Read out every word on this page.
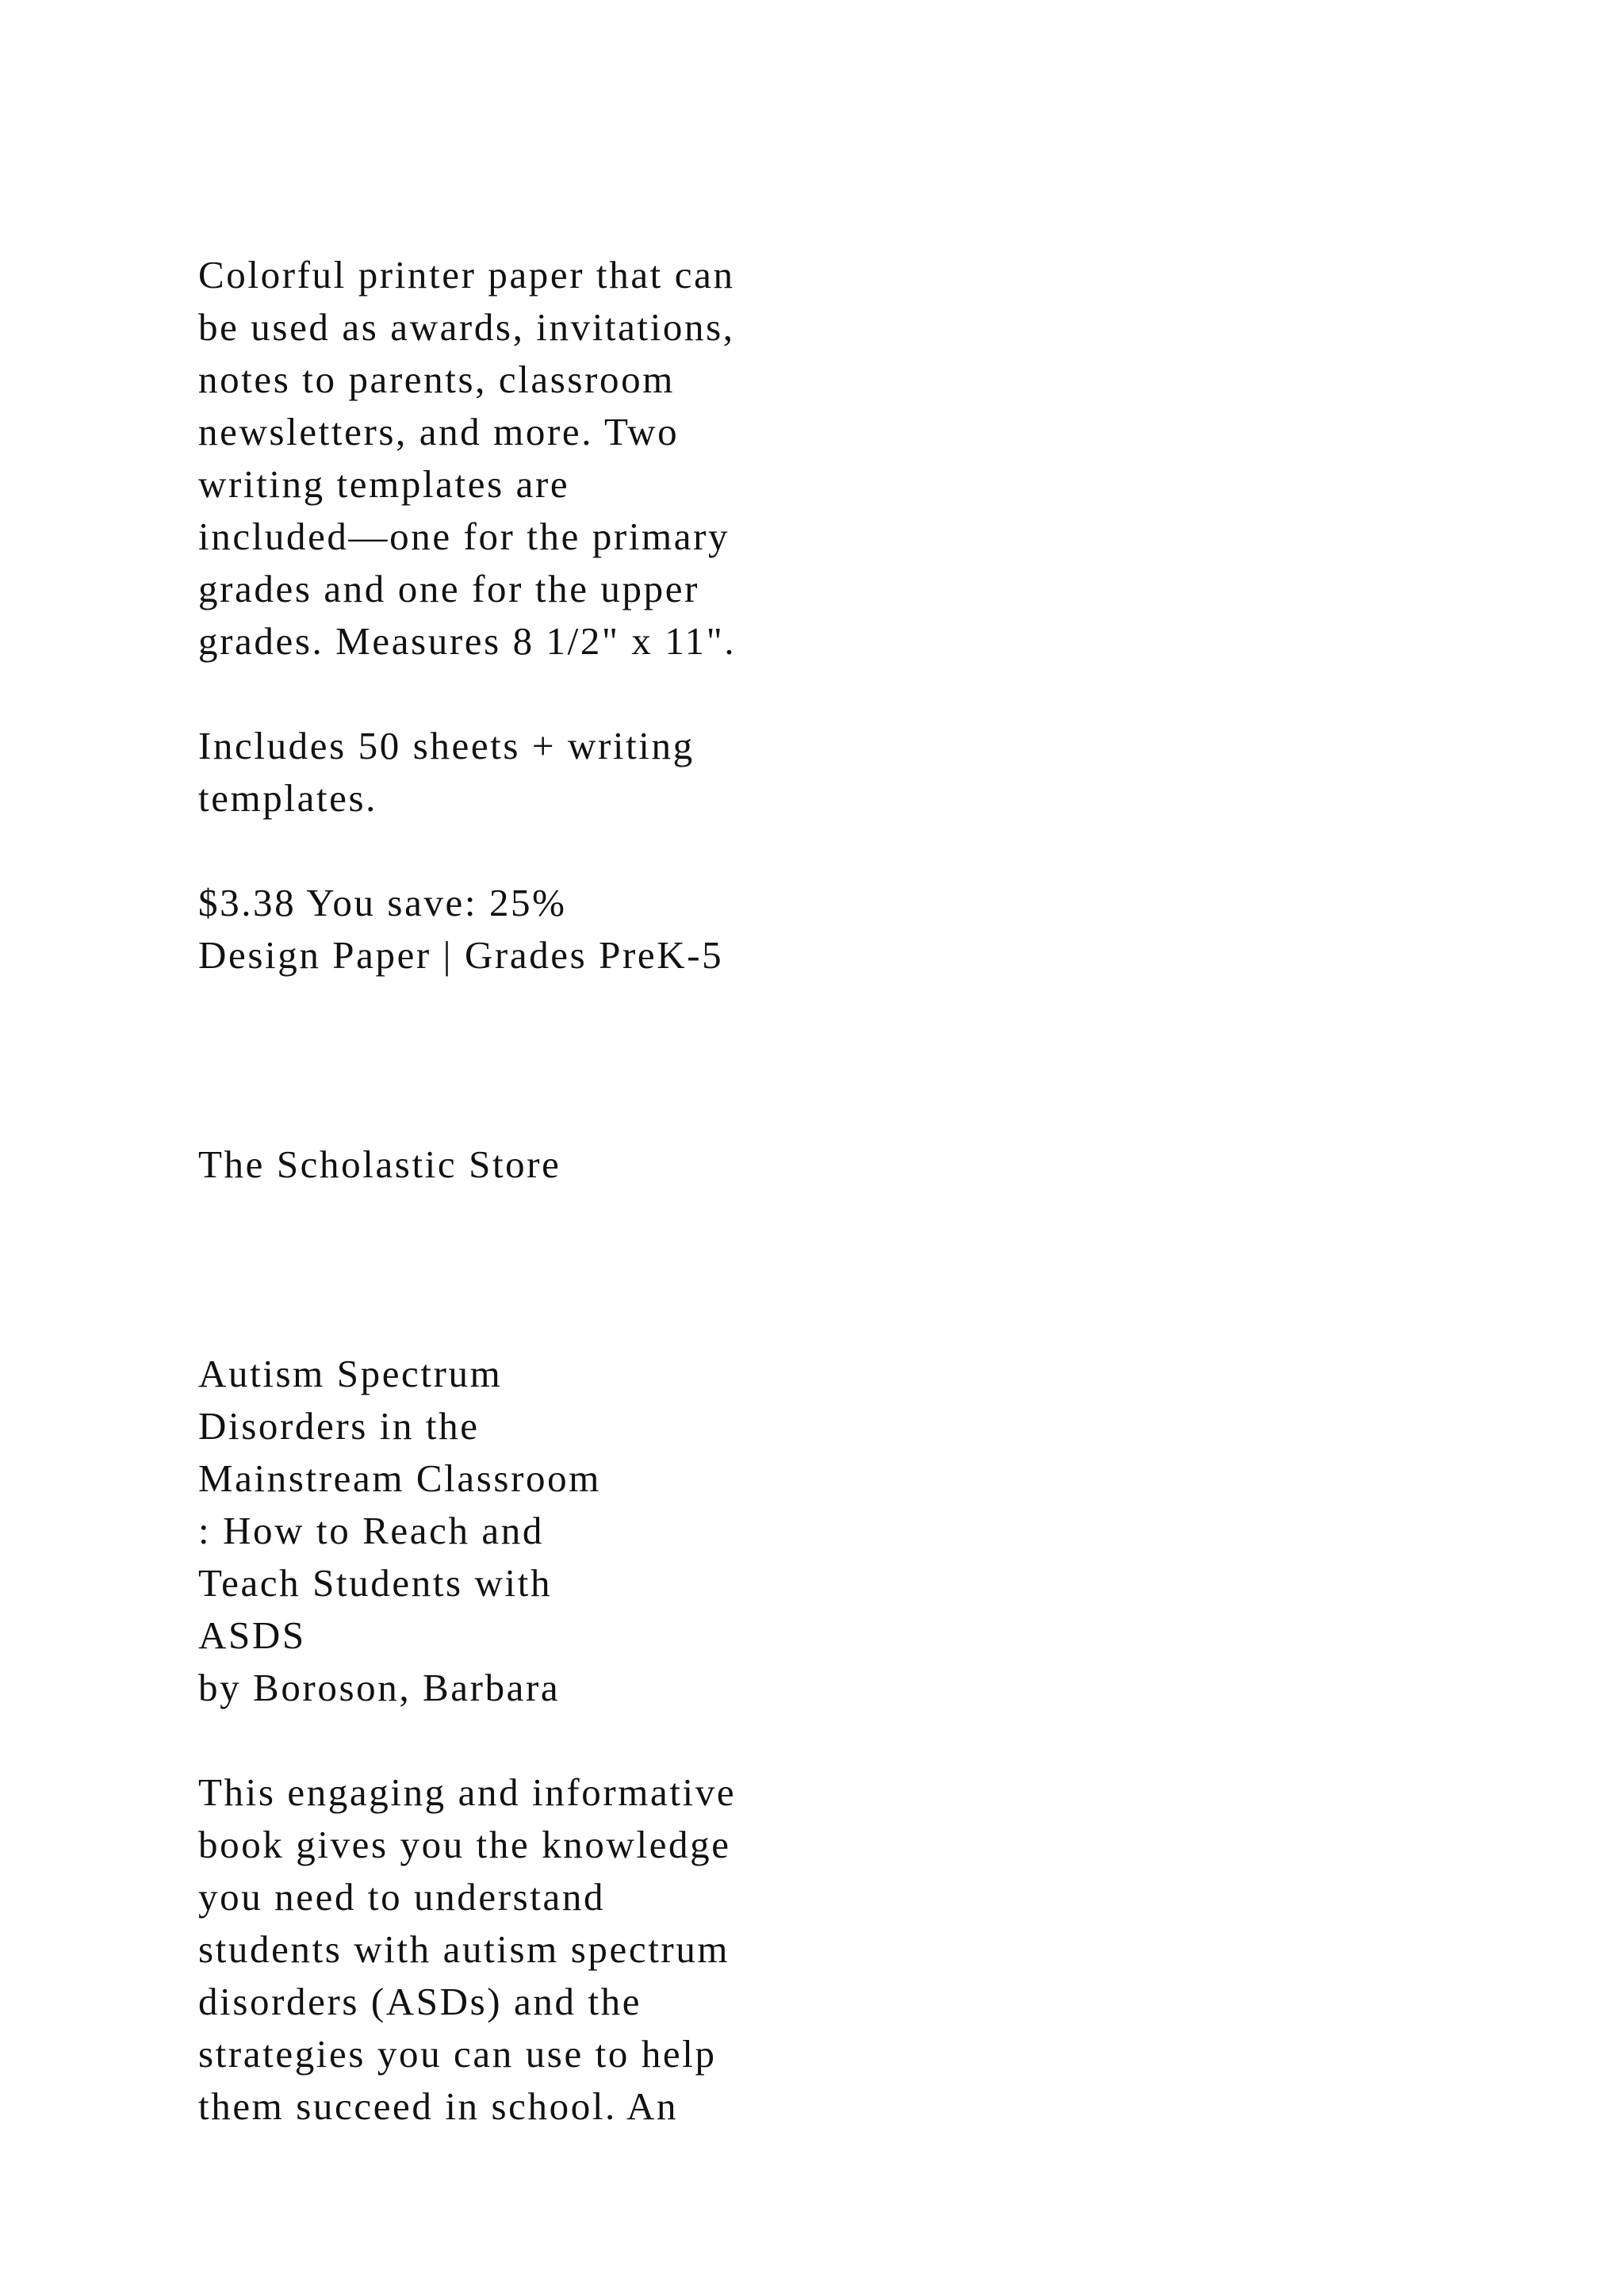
Colorful printer paper that can
be used as awards, invitations,
notes to parents, classroom
newsletters, and more. Two
writing templates are
included—one for the primary
grades and one for the upper
grades. Measures 8 1/2" x 11".
Includes 50 sheets + writing
templates.
$3.38 You save: 25%
Design Paper | Grades PreK-5
The Scholastic Store
Autism Spectrum
Disorders in the
Mainstream Classroom
: How to Reach and
Teach Students with
ASDS
by Boroson, Barbara
This engaging and informative
book gives you the knowledge
you need to understand
students with autism spectrum
disorders (ASDs) and the
strategies you can use to help
them succeed in school. An
